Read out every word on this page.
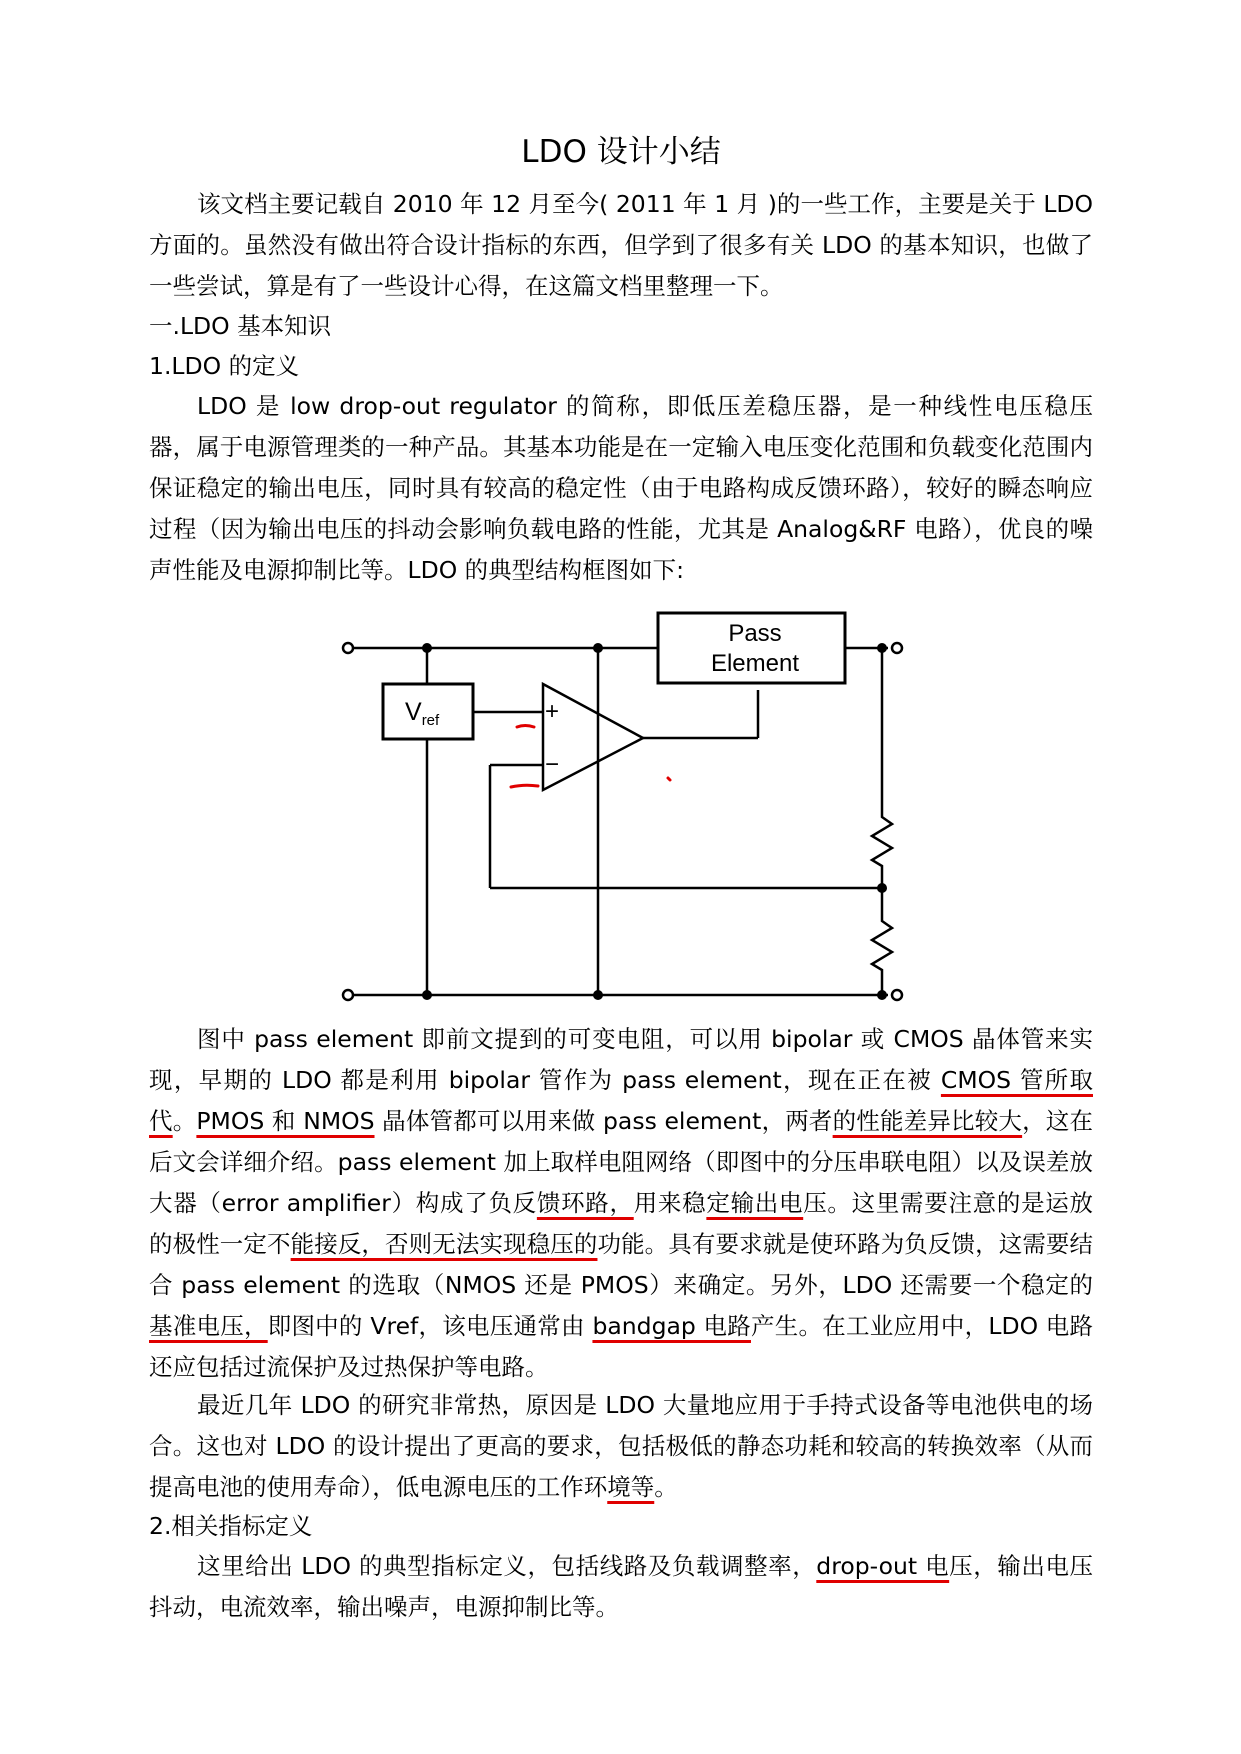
LDO 设计小结
该文档主要记载自 2010 年 12 月至今( 2011 年 1 月 )的一些工作，主要是关于 LDO 方面的。虽然没有做出符合设计指标的东西，但学到了很多有关 LDO 的基本知识，也做了一些尝试，算是有了一些设计心得，在这篇文档里整理一下。
一.LDO 基本知识
1.LDO 的定义
LDO 是 low drop-out regulator 的简称，即低压差稳压器，是一种线性电压稳压器，属于电源管理类的一种产品。其基本功能是在一定输入电压变化范围和负载变化范围内保证稳定的输出电压，同时具有较高的稳定性（由于电路构成反馈环路），较好的瞬态响应过程（因为输出电压的抖动会影响负载电路的性能，尤其是 Analog&RF 电路），优良的噪声性能及电源抑制比等。LDO 的典型结构框图如下:
图中 pass element 即前文提到的可变电阻，可以用 bipolar 或 CMOS 晶体管来实现，早期的 LDO 都是利用 bipolar 管作为 pass element，现在正在被 CMOS 管所取代。PMOS 和 NMOS 晶体管都可以用来做 pass element，两者的性能差异比较大，这在后文会详细介绍。pass element 加上取样电阻网络（即图中的分压串联电阻）以及误差放大器（error amplifier）构成了负反馈环路，用来稳定输出电压。这里需要注意的是运放的极性一定不能接反，否则无法实现稳压的功能。具有要求就是使环路为负反馈，这需要结合 pass element 的选取（NMOS 还是 PMOS）来确定。另外，LDO 还需要一个稳定的基准电压，即图中的 Vref，该电压通常由 bandgap 电路产生。在工业应用中，LDO 电路还应包括过流保护及过热保护等电路。
最近几年 LDO 的研究非常热，原因是 LDO 大量地应用于手持式设备等电池供电的场合。这也对 LDO 的设计提出了更高的要求，包括极低的静态功耗和较高的转换效率（从而提高电池的使用寿命），低电源电压的工作环境等。
2.相关指标定义
这里给出 LDO 的典型指标定义，包括线路及负载调整率，drop-out 电压，输出电压抖动，电流效率，输出噪声，电源抑制比等。
Pass
Element
$V_{ref}$	+
−
